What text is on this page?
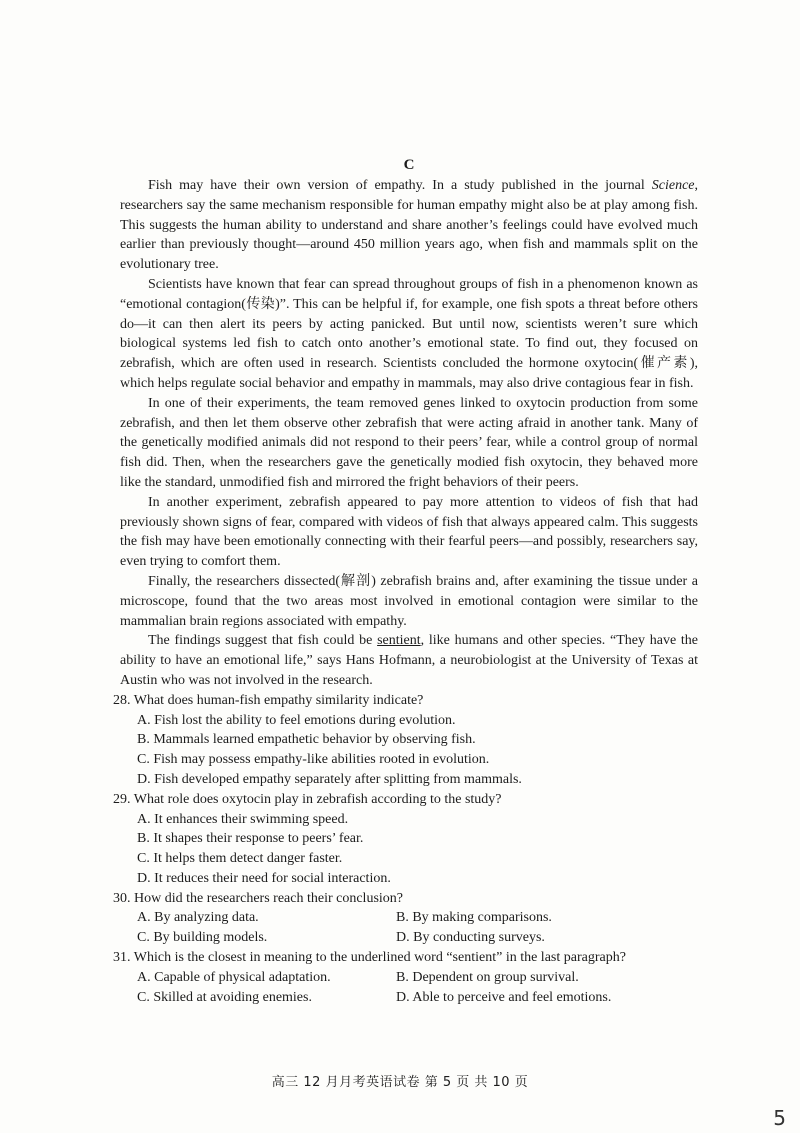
C

Fish may have their own version of empathy. In a study published in the journal Science, researchers say the same mechanism responsible for human empathy might also be at play among fish. This suggests the human ability to understand and share another’s feelings could have evolved much earlier than previously thought—around 450 million years ago, when fish and mammals split on the evolutionary tree.

Scientists have known that fear can spread throughout groups of fish in a phenomenon known as “emotional contagion(传染)”. This can be helpful if, for example, one fish spots a threat before others do—it can then alert its peers by acting panicked. But until now, scientists weren’t sure which biological systems led fish to catch onto another’s emotional state. To find out, they focused on zebrafish, which are often used in research. Scientists concluded the hormone oxytocin(催产素), which helps regulate social behavior and empathy in mammals, may also drive contagious fear in fish.

In one of their experiments, the team removed genes linked to oxytocin production from some zebrafish, and then let them observe other zebrafish that were acting afraid in another tank. Many of the genetically modified animals did not respond to their peers’ fear, while a control group of normal fish did. Then, when the researchers gave the genetically modied fish oxytocin, they behaved more like the standard, unmodified fish and mirrored the fright behaviors of their peers.

In another experiment, zebrafish appeared to pay more attention to videos of fish that had previously shown signs of fear, compared with videos of fish that always appeared calm. This suggests the fish may have been emotionally connecting with their fearful peers—and possibly, researchers say, even trying to comfort them.

Finally, the researchers dissected(解剖) zebrafish brains and, after examining the tissue under a microscope, found that the two areas most involved in emotional contagion were similar to the mammalian brain regions associated with empathy.

The findings suggest that fish could be sentient, like humans and other species. “They have the ability to have an emotional life,” says Hans Hofmann, a neurobiologist at the University of Texas at Austin who was not involved in the research.

28. What does human-fish empathy similarity indicate?

A. Fish lost the ability to feel emotions during evolution.

B. Mammals learned empathetic behavior by observing fish.

C. Fish may possess empathy-like abilities rooted in evolution.

D. Fish developed empathy separately after splitting from mammals.

29. What role does oxytocin play in zebrafish according to the study?

A. It enhances their swimming speed.

B. It shapes their response to peers’ fear.

C. It helps them detect danger faster.

D. It reduces their need for social interaction.

30. How did the researchers reach their conclusion?

A. By analyzing data.	B. By making comparisons.
C. By building models.	D. By conducting surveys.

31. Which is the closest in meaning to the underlined word “sentient” in the last paragraph?

A. Capable of physical adaptation.	B. Dependent on group survival.
C. Skilled at avoiding enemies.	D. Able to perceive and feel emotions.
高三 12 月月考英语试卷 第 5 页 共 10 页
5
